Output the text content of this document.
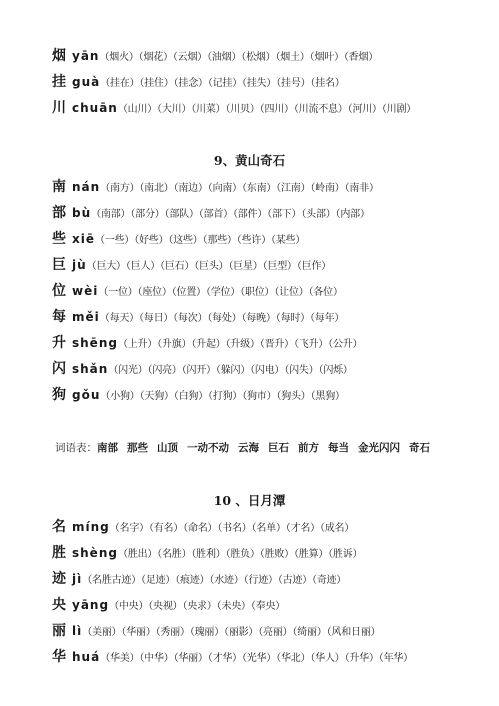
烟 yān（烟火）（烟花）（云烟）（油烟）（松烟）（烟土）（烟叶）（香烟）
挂 guà（挂在）（挂住）（挂念）（记挂）（挂失）（挂号）（挂名）
川 chuān（山川）（大川）（川菜）（川贝）（四川）（川流不息）（河川）（川剧）
9、黄山奇石
南 nán（南方）（南北）（南边）（向南）（东南）（江南）（岭南）（南非）
部 bù（南部）（部分）（部队）（部首）（部件）（部下）（头部）（内部）
些 xiē（一些）（好些）（这些）（那些）（些许）（某些）
巨 jù（巨大）（巨人）（巨石）（巨头）（巨星）（巨型）（巨作）
位 wèi（一位）（座位）（位置）（学位）（职位）（让位）（各位）
每 měi（每天）（每日）（每次）（每处）（每晚）（每时）（每年）
升 shēng（上升）（升旗）（升起）（升级）（晋升）（飞升）（公升）
闪 shǎn（闪光）（闪亮）（闪开）（躲闪）（闪电）（闪失）（闪烁）
狗 gǒu（小狗）（天狗）（白狗）（打狗）（狗市）（狗头）（黑狗）
词语表：南部 那些 山顶 一动不动 云海 巨石 前方 每当 金光闪闪 奇石
10 、日月潭
名 míng（名字）（有名）（命名）（书名）（名单）（才名）（成名）
胜 shèng（胜出）（名胜）（胜利）（胜负）（胜败）（胜算）（胜诉）
迹 jì（名胜古迹）（足迹）（痕迹）（水迹）（行迹）（古迹）（奇迹）
央 yāng（中央）（央视）（央求）（未央）（奉央）
丽 lì（美丽）（华丽）（秀丽）（瑰丽）（丽影）（亮丽）（绮丽）（风和日丽）
华 huá（华美）（中华）（华丽）（才华）（光华）（华北）（华人）（升华）（年华）
